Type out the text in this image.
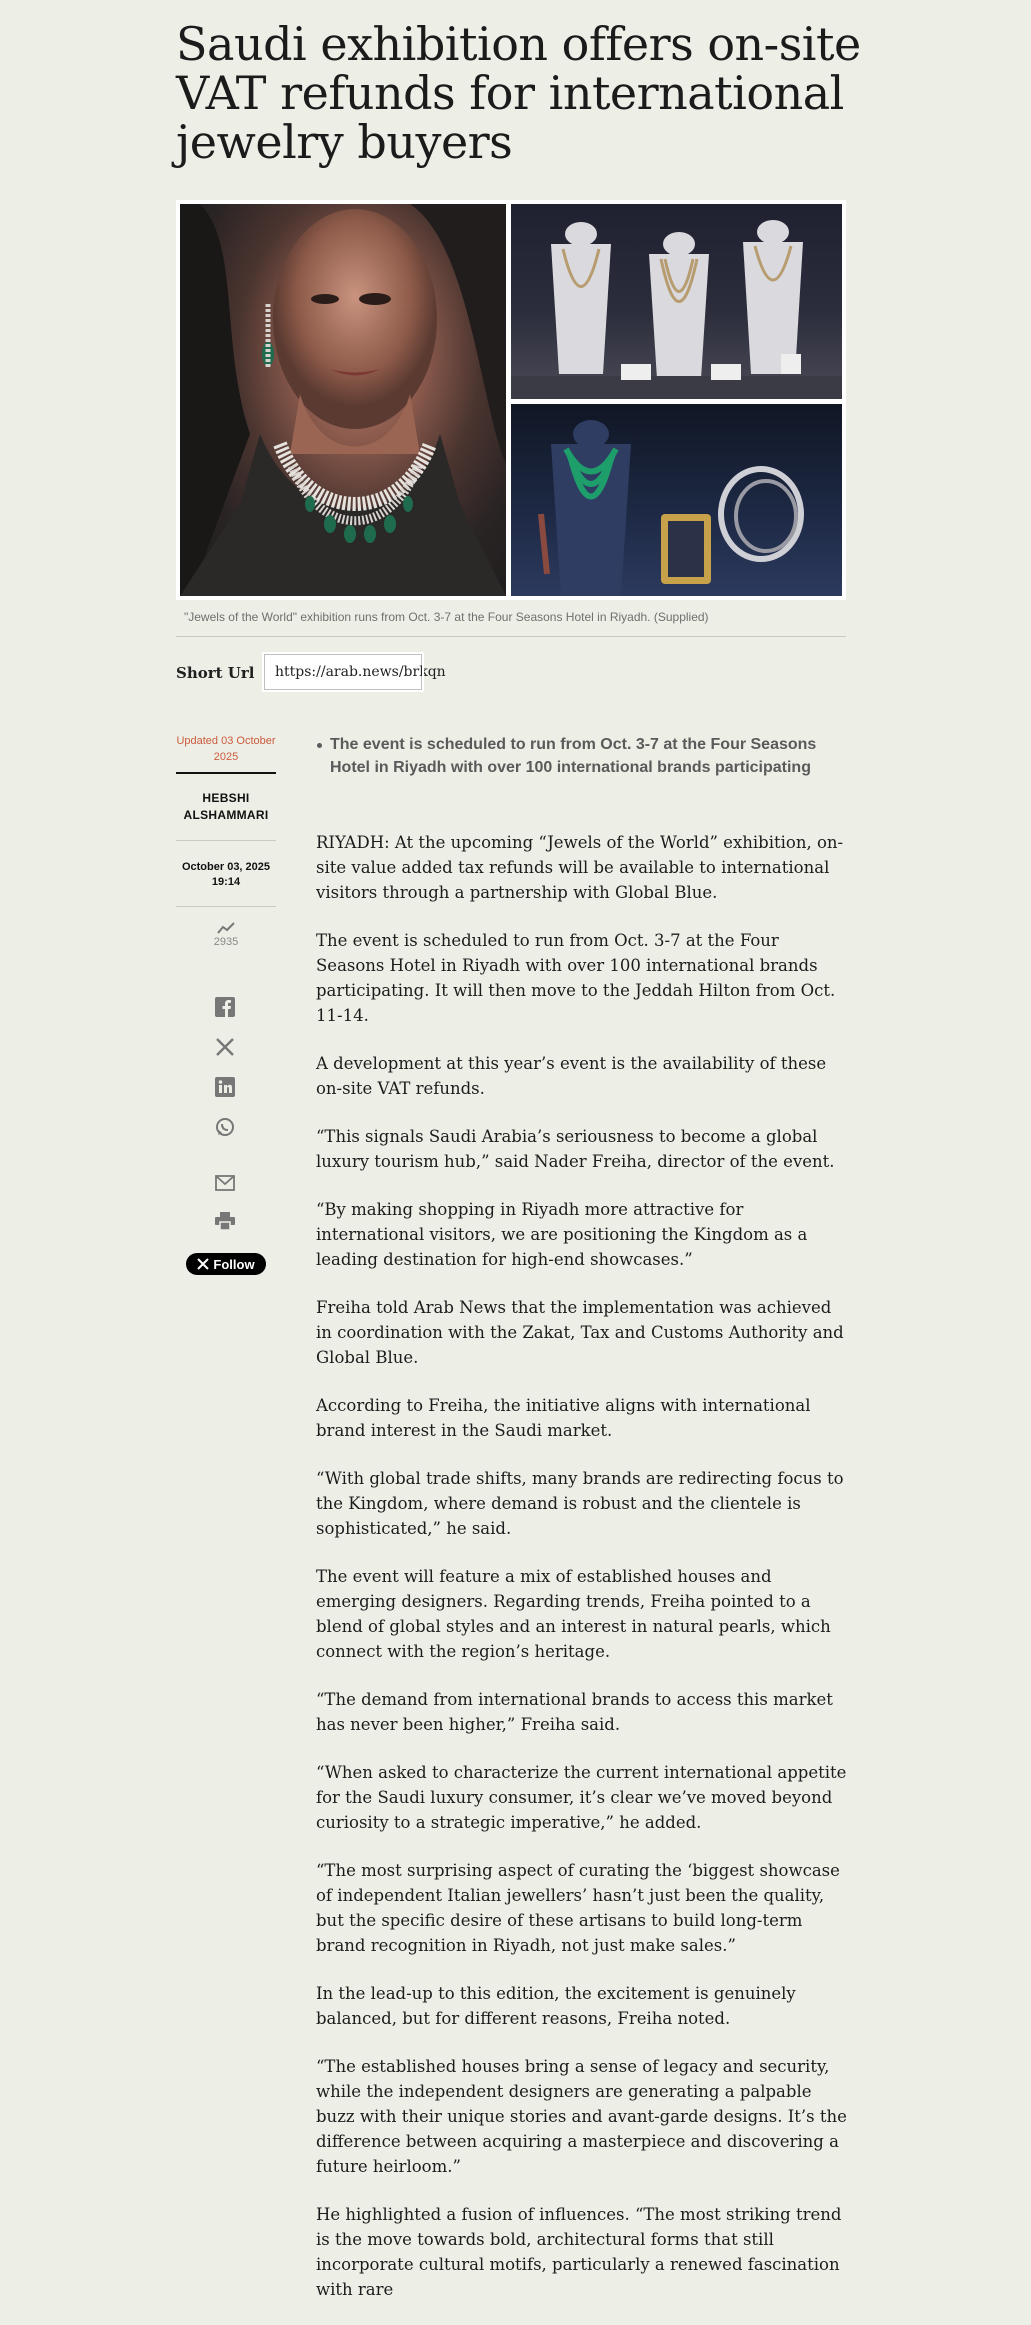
Saudi exhibition offers on-site VAT refunds for international jewelry buyers
"Jewels of the World" exhibition runs from Oct. 3-7 at the Four Seasons Hotel in Riyadh. (Supplied)
Short Url	https://arab.news/brkqn
Updated 03 October 2025
HEBSHI ALSHAMMARI
October 03, 2025 19:14
2935
Follow
The event is scheduled to run from Oct. 3-7 at the Four Seasons Hotel in Riyadh with over 100 international brands participating

RIYADH: At the upcoming “Jewels of the World” exhibition, on-site value added tax refunds will be available to international visitors through a partnership with Global Blue.

The event is scheduled to run from Oct. 3-7 at the Four Seasons Hotel in Riyadh with over 100 international brands participating. It will then move to the Jeddah Hilton from Oct. 11-14.

A development at this year’s event is the availability of these on-site VAT refunds.

“This signals Saudi Arabia’s seriousness to become a global luxury tourism hub,” said Nader Freiha, director of the event.

“By making shopping in Riyadh more attractive for international visitors, we are positioning the Kingdom as a leading destination for high-end showcases.”

Freiha told Arab News that the implementation was achieved in coordination with the Zakat, Tax and Customs Authority and Global Blue.

According to Freiha, the initiative aligns with international brand interest in the Saudi market.

“With global trade shifts, many brands are redirecting focus to the Kingdom, where demand is robust and the clientele is sophisticated,” he said.

The event will feature a mix of established houses and emerging designers. Regarding trends, Freiha pointed to a blend of global styles and an interest in natural pearls, which connect with the region’s heritage.

“The demand from international brands to access this market has never been higher,” Freiha said.

“When asked to characterize the current international appetite for the Saudi luxury consumer, it’s clear we’ve moved beyond curiosity to a strategic imperative,” he added.

“The most surprising aspect of curating the ‘biggest showcase of independent Italian jewellers’ hasn’t just been the quality, but the specific desire of these artisans to build long-term brand recognition in Riyadh, not just make sales.”

In the lead-up to this edition, the excitement is genuinely balanced, but for different reasons, Freiha noted.

“The established houses bring a sense of legacy and security, while the independent designers are generating a palpable buzz with their unique stories and avant-garde designs. It’s the difference between acquiring a masterpiece and discovering a future heirloom.”

He highlighted a fusion of influences. “The most striking trend is the move towards bold, architectural forms that still incorporate cultural motifs, particularly a renewed fascination with rare
